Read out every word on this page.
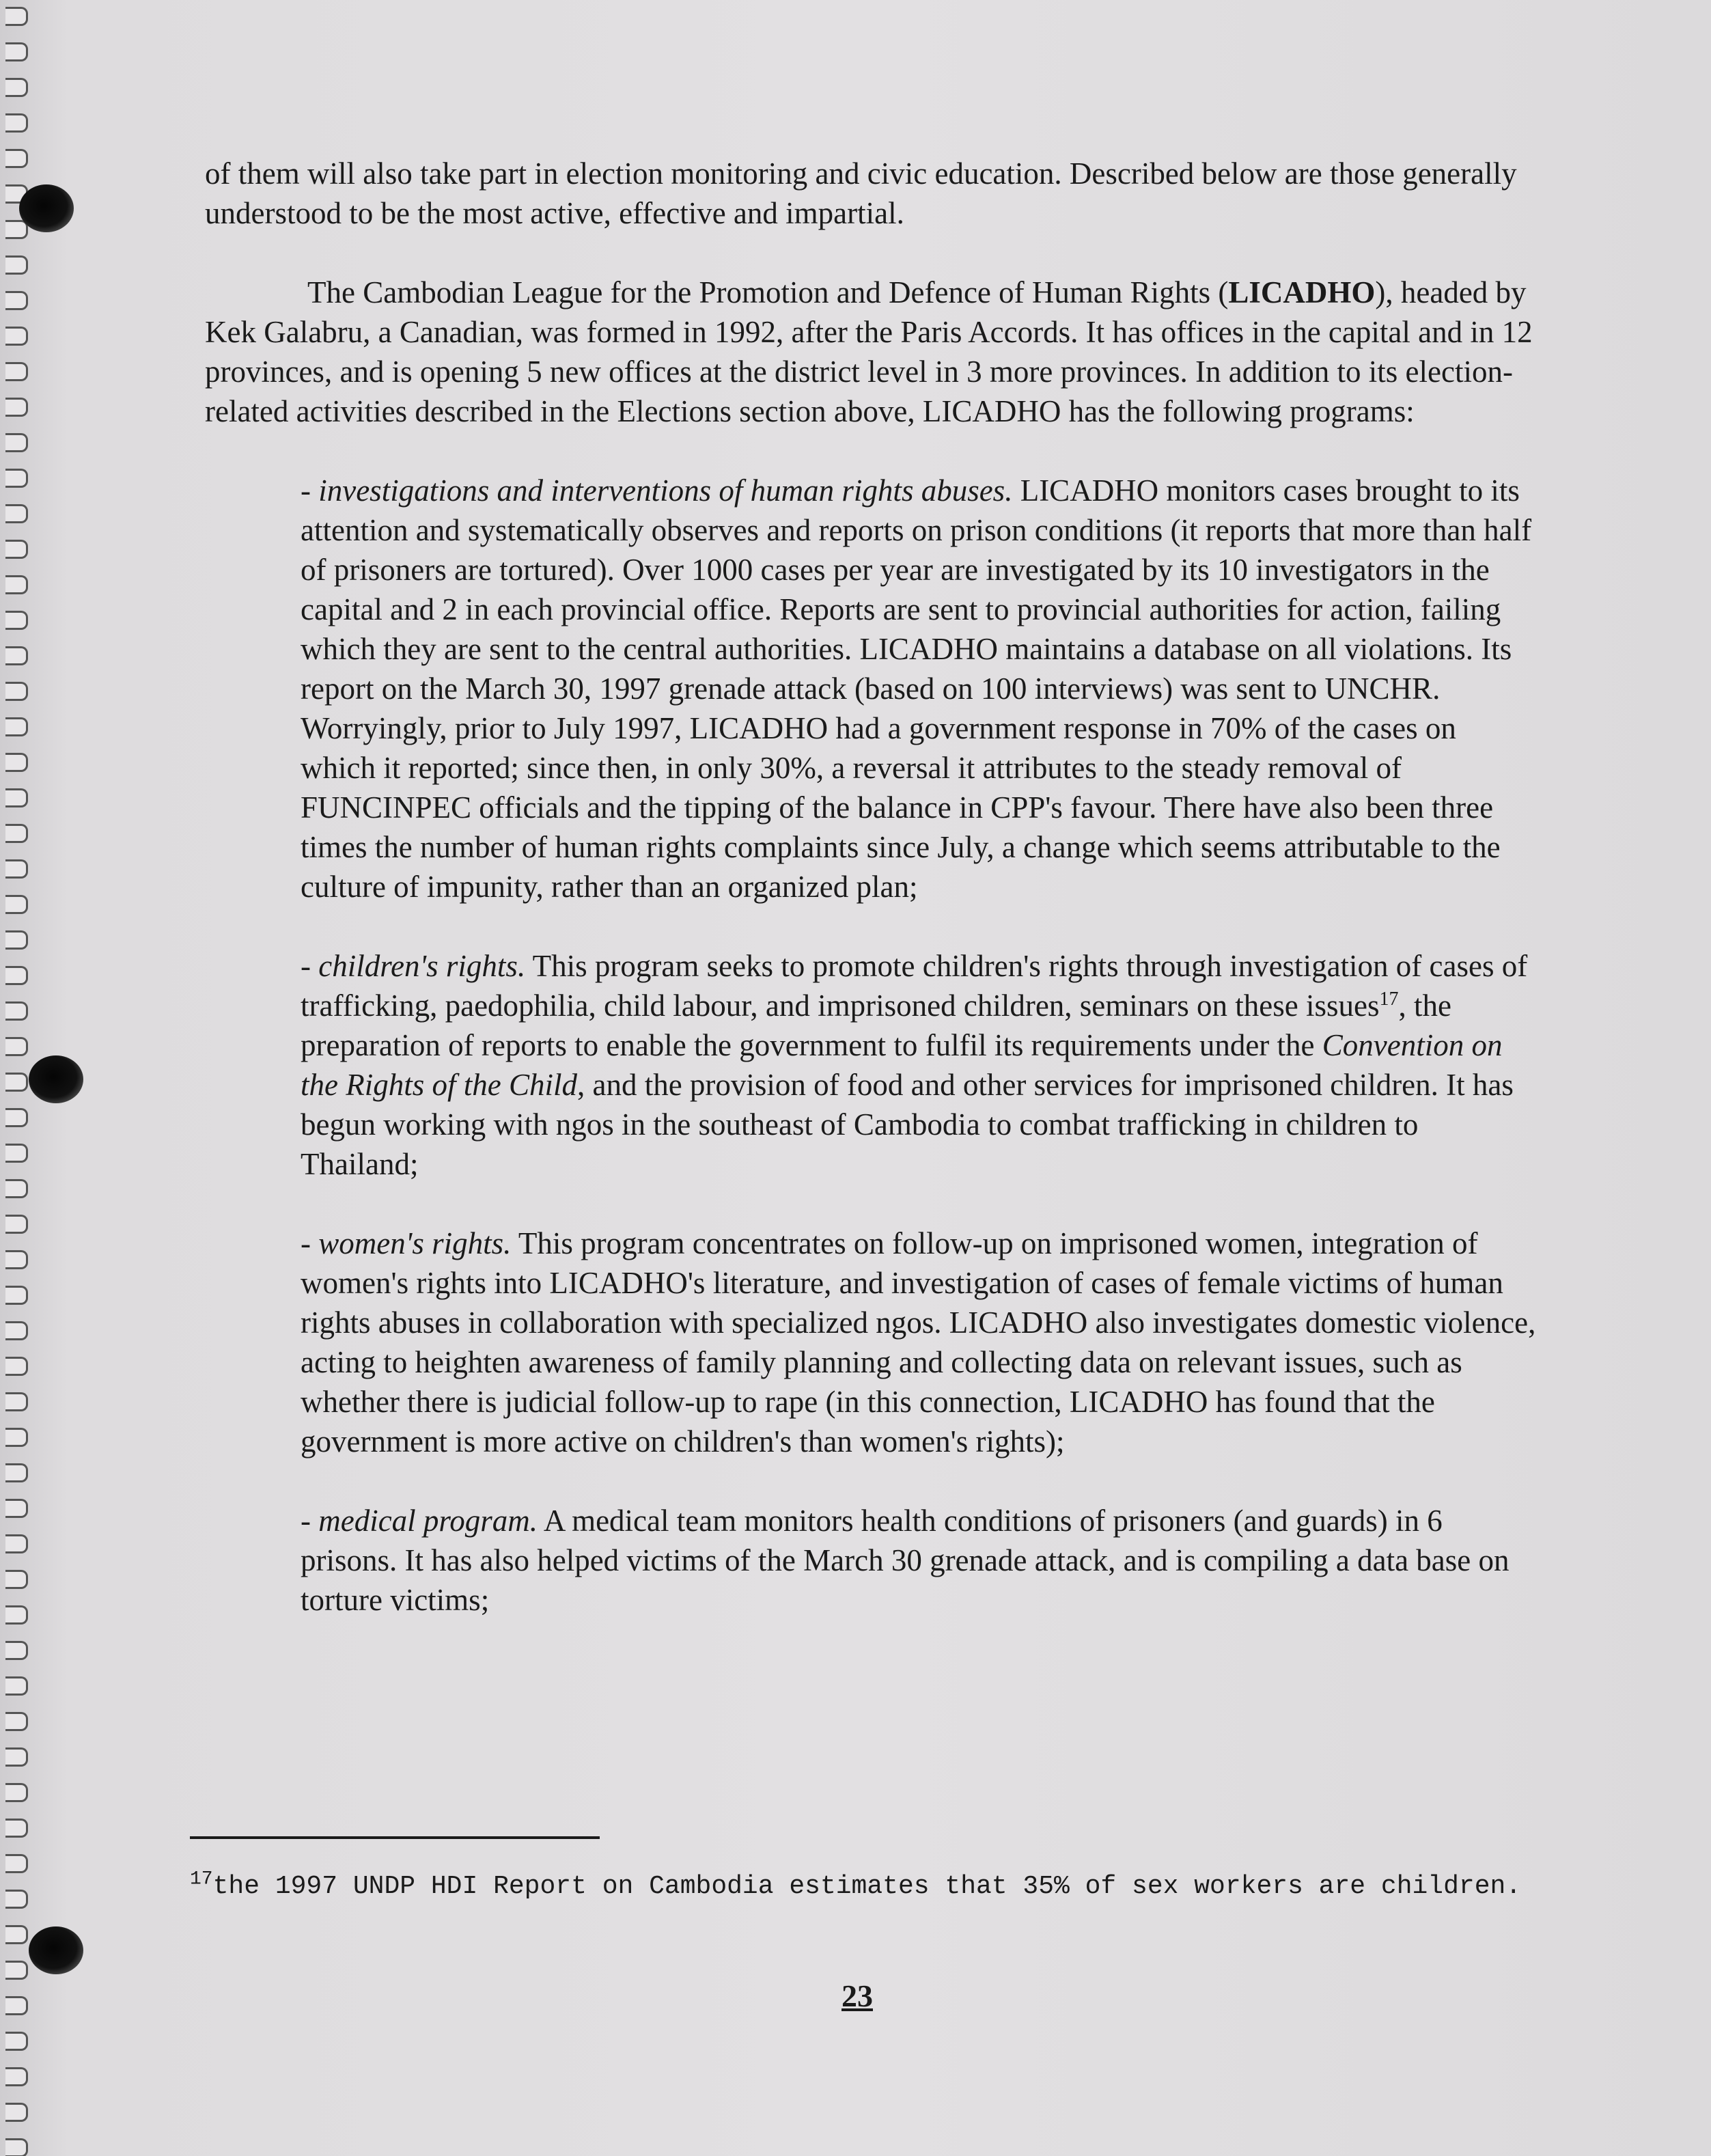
of them will also take part in election monitoring and civic education. Described below are those generally understood to be the most active, effective and impartial.

The Cambodian League for the Promotion and Defence of Human Rights (LICADHO), headed by Kek Galabru, a Canadian, was formed in 1992, after the Paris Accords. It has offices in the capital and in 12 provinces, and is opening 5 new offices at the district level in 3 more provinces. In addition to its election-related activities described in the Elections section above, LICADHO has the following programs:

- investigations and interventions of human rights abuses. LICADHO monitors cases brought to its attention and systematically observes and reports on prison conditions (it reports that more than half of prisoners are tortured). Over 1000 cases per year are investigated by its 10 investigators in the capital and 2 in each provincial office. Reports are sent to provincial authorities for action, failing which they are sent to the central authorities. LICADHO maintains a database on all violations. Its report on the March 30, 1997 grenade attack (based on 100 interviews) was sent to UNCHR. Worryingly, prior to July 1997, LICADHO had a government response in 70% of the cases on which it reported; since then, in only 30%, a reversal it attributes to the steady removal of FUNCINPEC officials and the tipping of the balance in CPP's favour. There have also been three times the number of human rights complaints since July, a change which seems attributable to the culture of impunity, rather than an organized plan;

- children's rights. This program seeks to promote children's rights through investigation of cases of trafficking, paedophilia, child labour, and imprisoned children, seminars on these issues$^{17}$, the preparation of reports to enable the government to fulfil its requirements under the Convention on the Rights of the Child, and the provision of food and other services for imprisoned children. It has begun working with ngos in the southeast of Cambodia to combat trafficking in children to Thailand;

- women's rights. This program concentrates on follow-up on imprisoned women, integration of women's rights into LICADHO's literature, and investigation of cases of female victims of human rights abuses in collaboration with specialized ngos. LICADHO also investigates domestic violence, acting to heighten awareness of family planning and collecting data on relevant issues, such as whether there is judicial follow-up to rape (in this connection, LICADHO has found that the government is more active on children's than women's rights);

- medical program. A medical team monitors health conditions of prisoners (and guards) in 6 prisons. It has also helped victims of the March 30 grenade attack, and is compiling a data base on torture victims;

$^{17}$the 1997 UNDP HDI Report on Cambodia estimates that 35% of sex workers are children.
23
